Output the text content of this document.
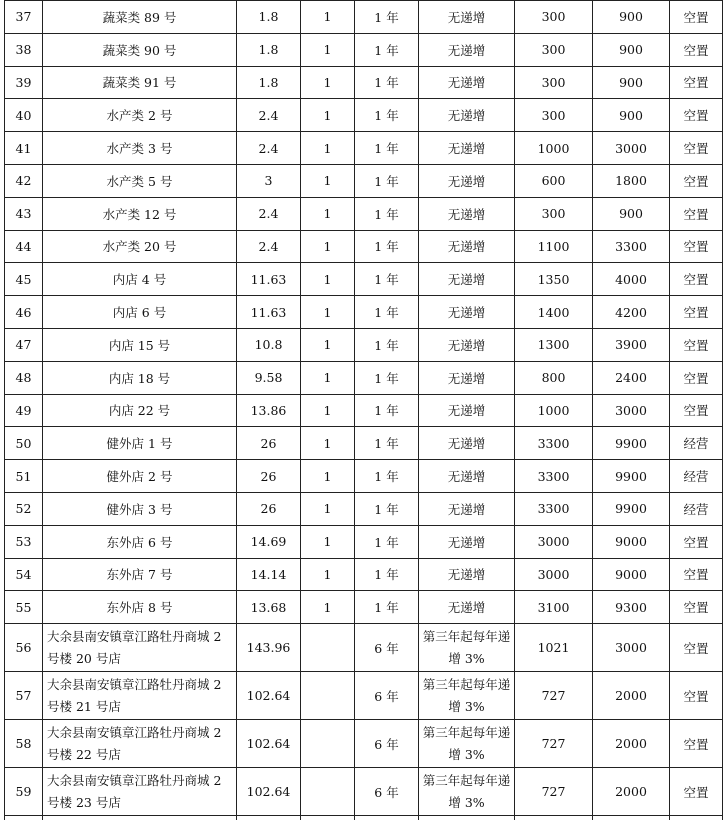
37	蔬菜类 89 号	1.8	1	1 年	无递增	300	900	空置
38	蔬菜类 90 号	1.8	1	1 年	无递增	300	900	空置
39	蔬菜类 91 号	1.8	1	1 年	无递增	300	900	空置
40	水产类 2 号	2.4	1	1 年	无递增	300	900	空置
41	水产类 3 号	2.4	1	1 年	无递增	1000	3000	空置
42	水产类 5 号	3	1	1 年	无递增	600	1800	空置
43	水产类 12 号	2.4	1	1 年	无递增	300	900	空置
44	水产类 20 号	2.4	1	1 年	无递增	1100	3300	空置
45	内店 4 号	11.63	1	1 年	无递增	1350	4000	空置
46	内店 6 号	11.63	1	1 年	无递增	1400	4200	空置
47	内店 15 号	10.8	1	1 年	无递增	1300	3900	空置
48	内店 18 号	9.58	1	1 年	无递增	800	2400	空置
49	内店 22 号	13.86	1	1 年	无递增	1000	3000	空置
50	健外店 1 号	26	1	1 年	无递增	3300	9900	经营
51	健外店 2 号	26	1	1 年	无递增	3300	9900	经营
52	健外店 3 号	26	1	1 年	无递增	3300	9900	经营
53	东外店 6 号	14.69	1	1 年	无递增	3000	9000	空置
54	东外店 7 号	14.14	1	1 年	无递增	3000	9000	空置
55	东外店 8 号	13.68	1	1 年	无递增	3100	9300	空置
56	大余县南安镇章江路牡丹商城 2 号楼 20 号店	143.96		6 年	第三年起每年递增 3%	1021	3000	空置
57	大余县南安镇章江路牡丹商城 2 号楼 21 号店	102.64		6 年	第三年起每年递增 3%	727	2000	空置
58	大余县南安镇章江路牡丹商城 2 号楼 22 号店	102.64		6 年	第三年起每年递增 3%	727	2000	空置
59	大余县南安镇章江路牡丹商城 2 号楼 23 号店	102.64		6 年	第三年起每年递增 3%	727	2000	空置
